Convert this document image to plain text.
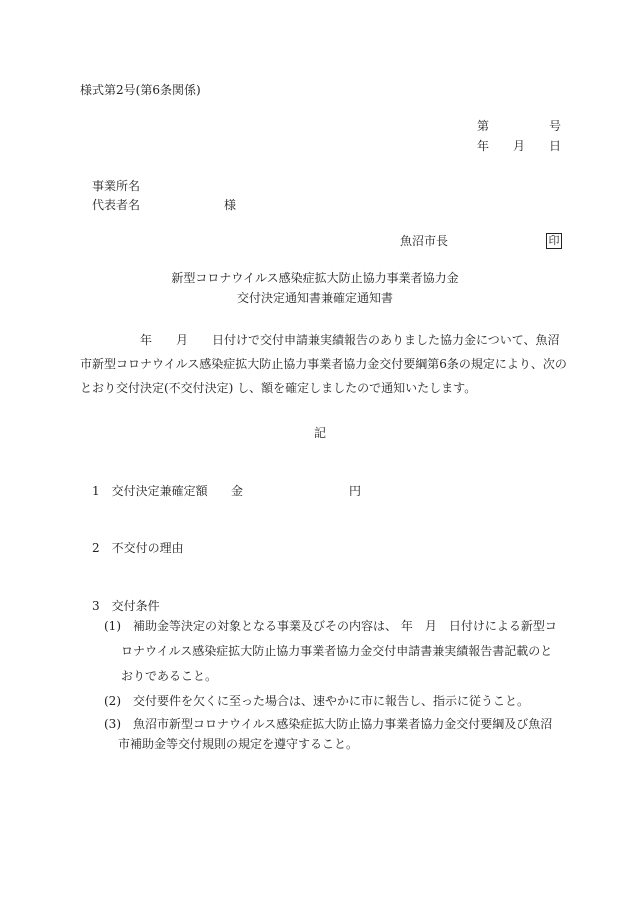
様式第2号(第6条関係)
第	号
年 月 日
事業所名
代表者名	様
魚沼市長	印
新型コロナウイルス感染症拡大防止協力事業者協力金
交付決定通知書兼確定通知書
年　　月　　日付けで交付申請兼実績報告のありました協力金について、魚沼
市新型コロナウイルス感染症拡大防止協力事業者協力金交付要綱第6条の規定により、次の
とおり交付決定(不交付決定) し、額を確定しましたので通知いたします。
記
1　交付決定兼確定額 金	円
2　不交付の理由
3　交付条件
(1) 補助金等決定の対象となる事業及びその内容は、 年　月　日付けによる新型コ
ロナウイルス感染症拡大防止協力事業者協力金交付申請書兼実績報告書記載のと
おりであること。
(2) 交付要件を欠くに至った場合は、速やかに市に報告し、指示に従うこと。
(3) 魚沼市新型コロナウイルス感染症拡大防止協力事業者協力金交付要綱及び魚沼
市補助金等交付規則の規定を遵守すること。
